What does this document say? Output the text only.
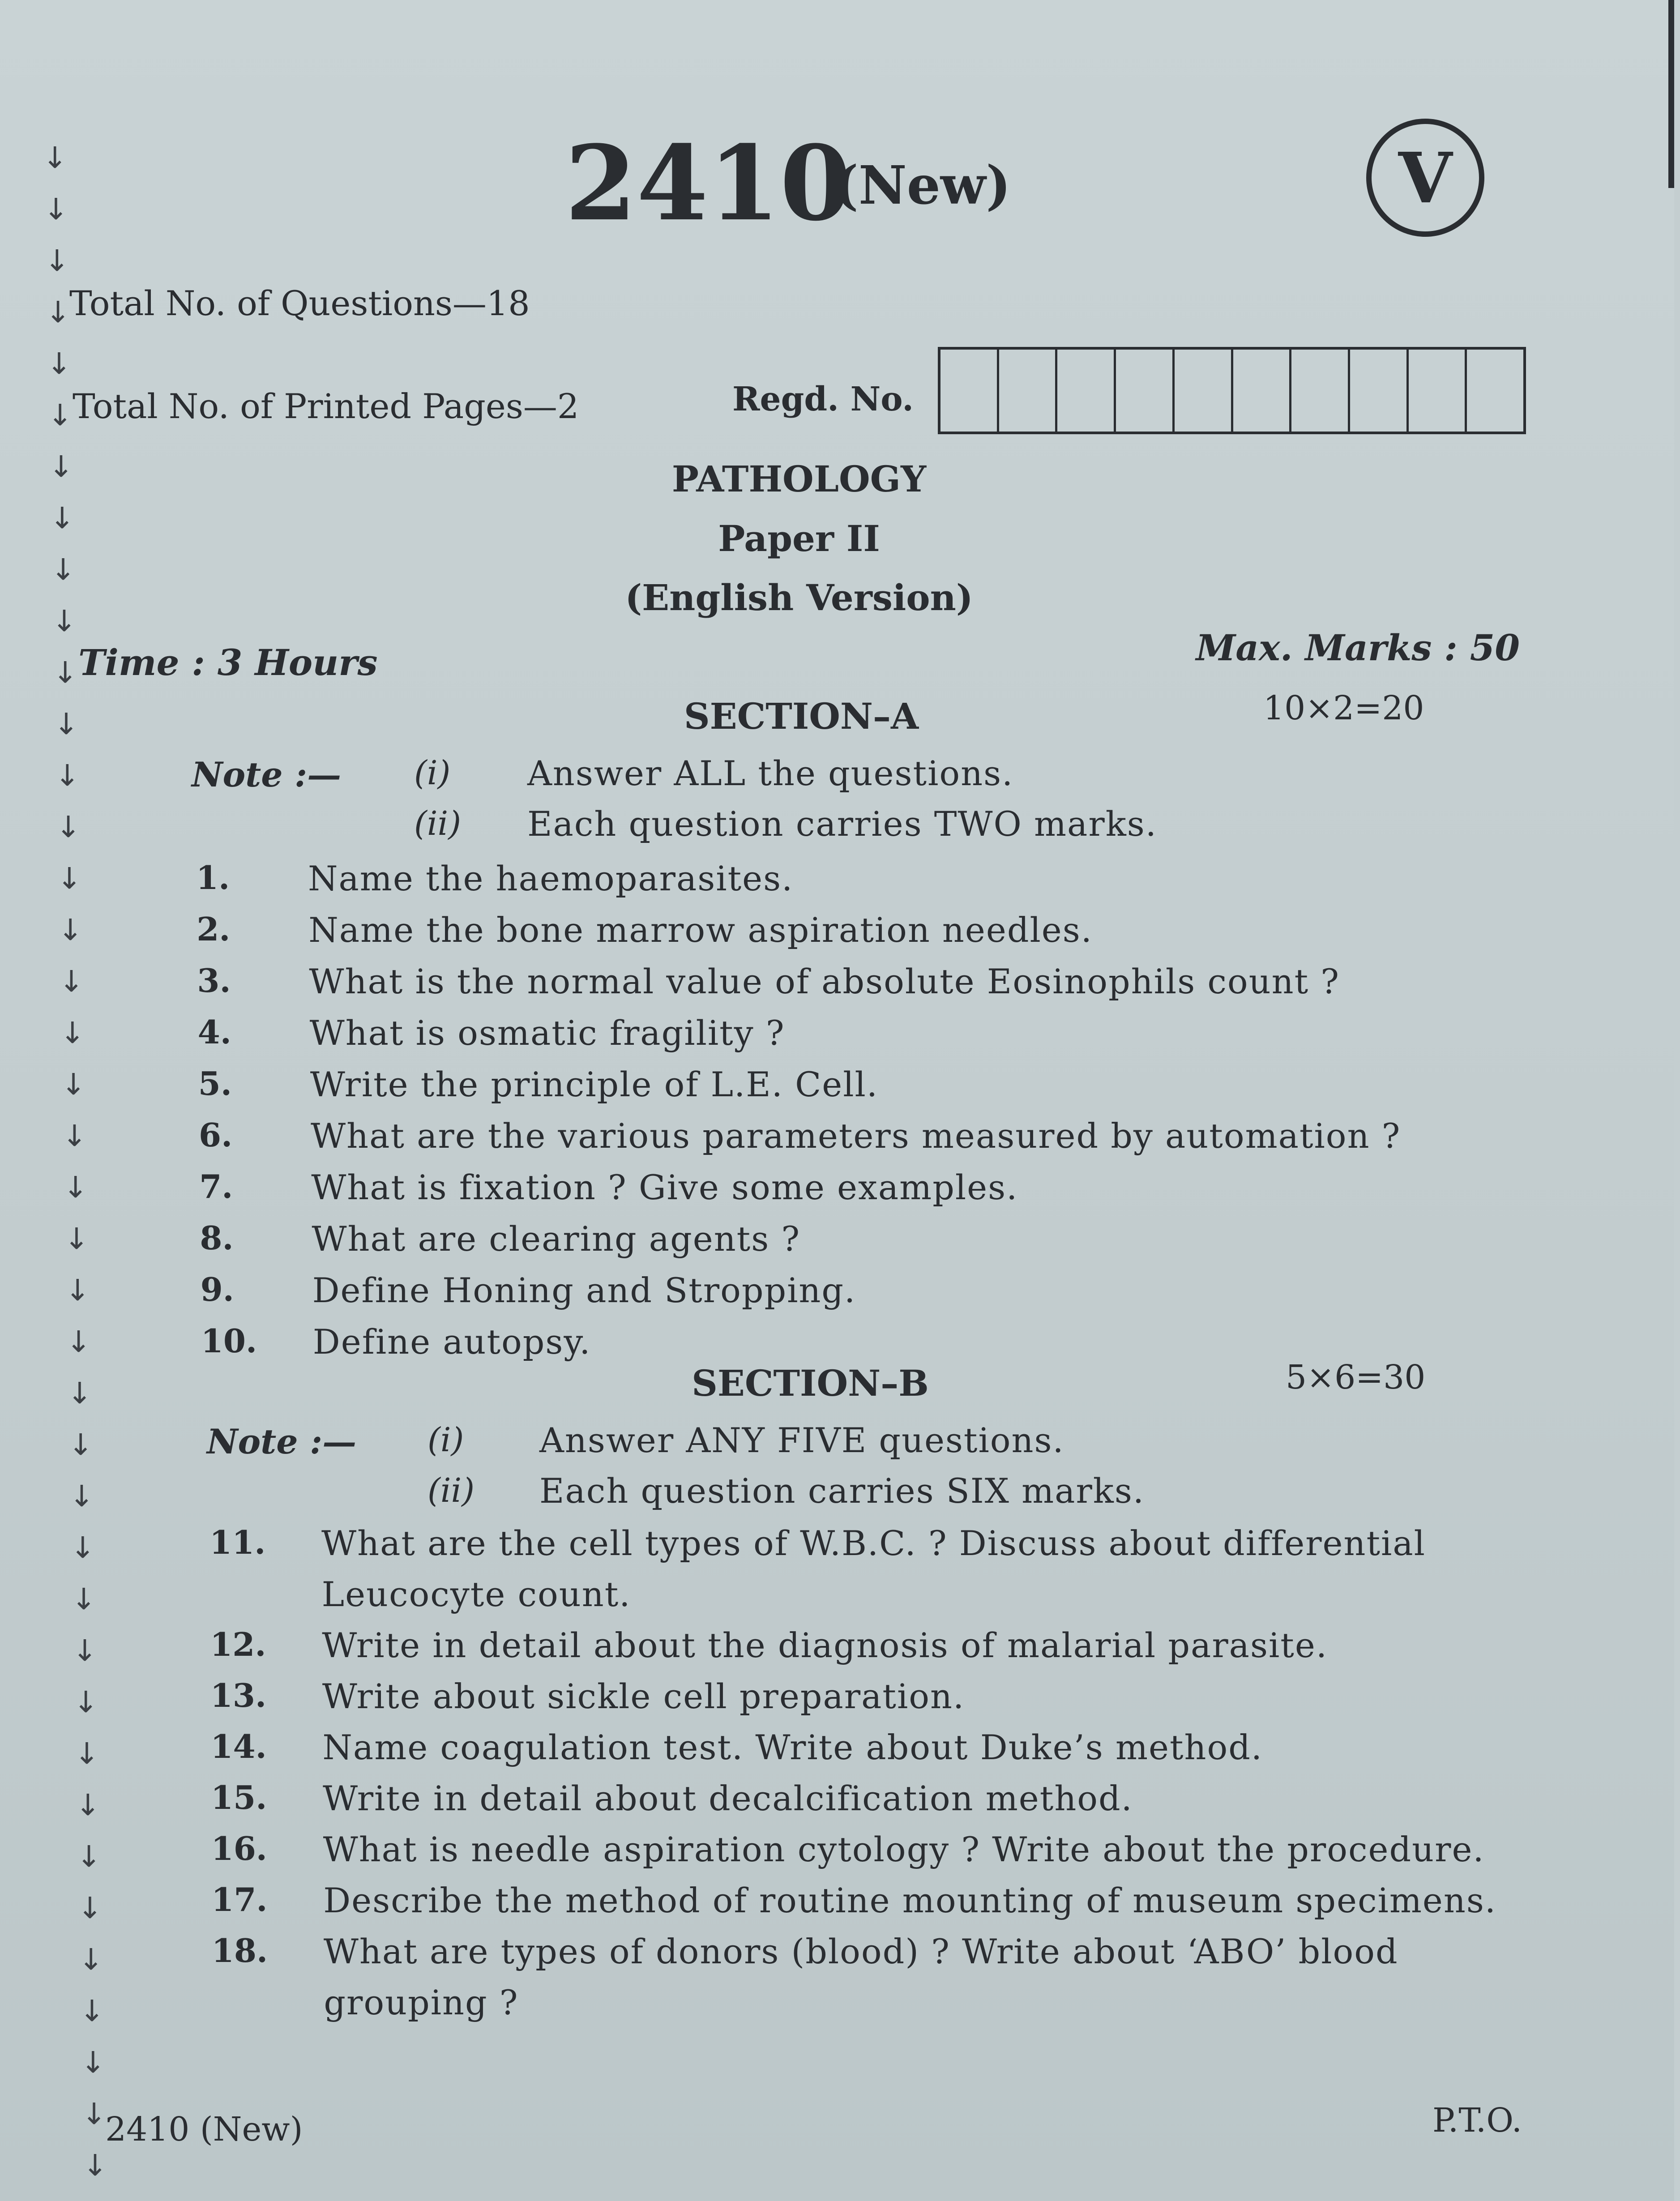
↓
↓
↓
↓
↓
↓
↓
↓
↓
↓
↓
↓
↓
↓
↓
↓
↓
↓
↓
↓
↓
↓
↓
↓
↓
↓
↓
↓
↓
↓
↓
↓
↓
↓
↓
↓
↓
↓
↓
↓
2410
(New)	V
Total No. of Questions—18
Total No. of Printed Pages—2	Regd. No.
PATHOLOGY
Paper II
(English Version)
Time : 3 Hours	Max. Marks : 50
SECTION–A	10×2=20
Note :— (i) Answer ALL the questions.
(ii) Each question carries TWO marks.
1. Name the haemoparasites.
2. Name the bone marrow aspiration needles.
3. What is the normal value of absolute Eosinophils count ?
4. What is osmatic fragility ?
5. Write the principle of L.E. Cell.
6. What are the various parameters measured by automation ?
7. What is fixation ? Give some examples.
8. What are clearing agents ?
9. Define Honing and Stropping.
10. Define autopsy.
SECTION–B	5×6=30
Note :— (i) Answer ANY FIVE questions.
(ii) Each question carries SIX marks.
11. What are the cell types of W.B.C. ? Discuss about differential
Leucocyte count.
12. Write in detail about the diagnosis of malarial parasite.
13. Write about sickle cell preparation.
14. Name coagulation test. Write about Duke’s method.
15. Write in detail about decalcification method.
16. What is needle aspiration cytology ? Write about the procedure.
17. Describe the method of routine mounting of museum specimens.
18. What are types of donors (blood) ? Write about ‘ABO’ blood
grouping ?
2410 (New)	P.T.O.
